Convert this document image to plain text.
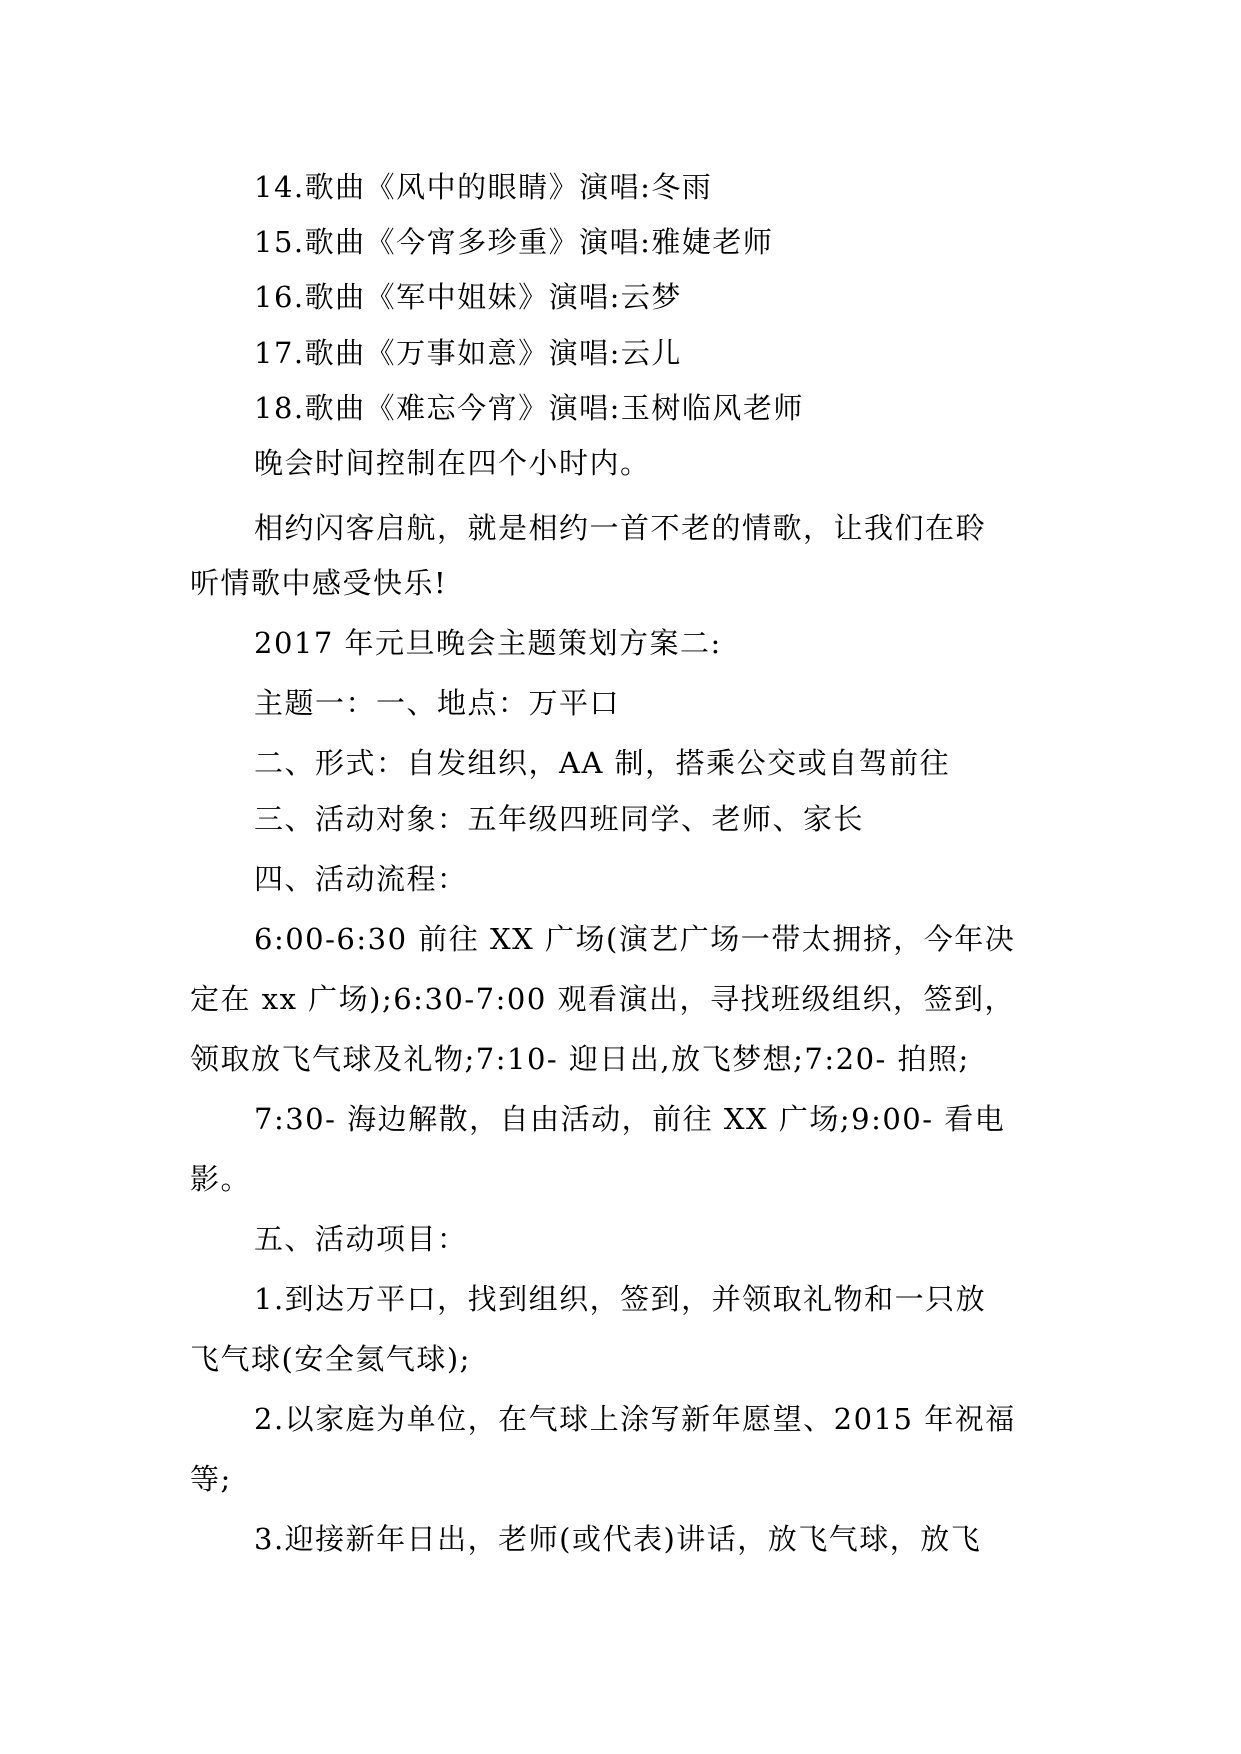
14.歌曲《风中的眼睛》演唱:冬雨

15.歌曲《今宵多珍重》演唱:雅婕老师

16.歌曲《军中姐妹》演唱:云梦

17.歌曲《万事如意》演唱:云儿

18.歌曲《难忘今宵》演唱:玉树临风老师

晚会时间控制在四个小时内。

相约闪客启航，就是相约一首不老的情歌，让我们在聆

听情歌中感受快乐!

2017 年元旦晚会主题策划方案二:

主题一：一、地点：万平口

二、形式：自发组织，AA 制，搭乘公交或自驾前往

三、活动对象：五年级四班同学、老师、家长

四、活动流程：

6:00-6:30 前往 XX 广场(演艺广场一带太拥挤，今年决

定在 xx 广场);6:30-7:00 观看演出，寻找班级组织，签到，

领取放飞气球及礼物;7:10- 迎日出,放飞梦想;7:20- 拍照;

7:30- 海边解散，自由活动，前往 XX 广场;9:00- 看电

影。

五、活动项目：

1.到达万平口，找到组织，签到，并领取礼物和一只放

飞气球(安全氦气球);

2.以家庭为单位，在气球上涂写新年愿望、2015 年祝福

等;

3.迎接新年日出，老师(或代表)讲话，放飞气球，放飞
